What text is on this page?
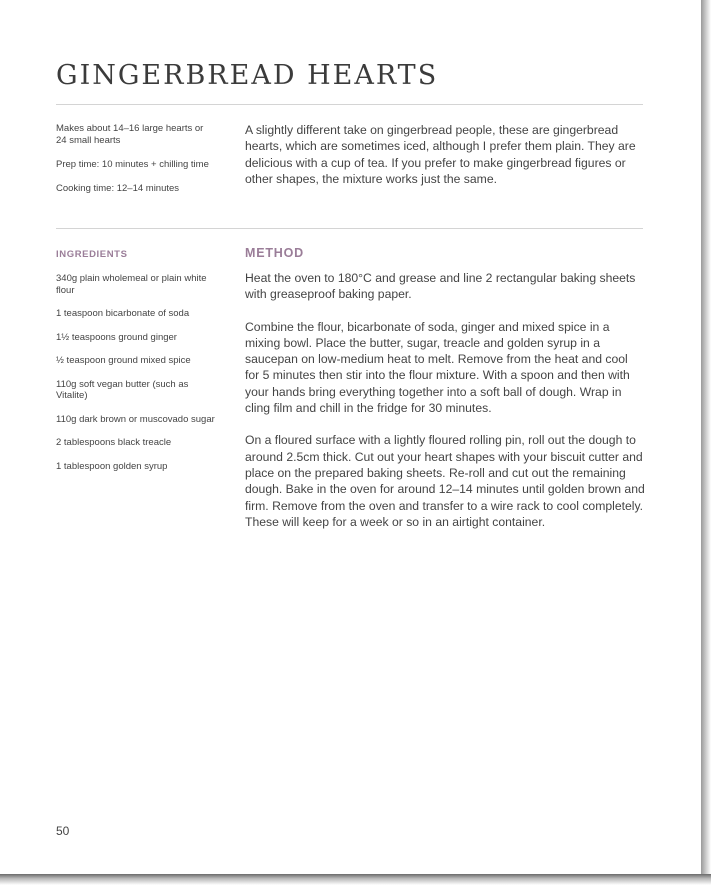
GINGERBREAD HEARTS

Makes about 14–16 large hearts or 24 small hearts

Prep time: 10 minutes + chilling time

Cooking time: 12–14 minutes

A slightly different take on gingerbread people, these are gingerbread hearts, which are sometimes iced, although I prefer them plain. They are delicious with a cup of tea. If you prefer to make gingerbread figures or other shapes, the mixture works just the same.

INGREDIENTS
340g plain wholemeal or plain white flour
1 teaspoon bicarbonate of soda
1½ teaspoons ground ginger
½ teaspoon ground mixed spice
110g soft vegan butter (such as Vitalite)
110g dark brown or muscovado sugar
2 tablespoons black treacle
1 tablespoon golden syrup
METHOD

Heat the oven to 180°C and grease and line 2 rectangular baking sheets with greaseproof baking paper.

Combine the flour, bicarbonate of soda, ginger and mixed spice in a mixing bowl. Place the butter, sugar, treacle and golden syrup in a saucepan on low-medium heat to melt. Remove from the heat and cool for 5 minutes then stir into the flour mixture. With a spoon and then with your hands bring everything together into a soft ball of dough. Wrap in cling film and chill in the fridge for 30 minutes.

On a floured surface with a lightly floured rolling pin, roll out the dough to around 2.5cm thick. Cut out your heart shapes with your biscuit cutter and place on the prepared baking sheets. Re-roll and cut out the remaining dough. Bake in the oven for around 12–14 minutes until golden brown and firm. Remove from the oven and transfer to a wire rack to cool completely. These will keep for a week or so in an airtight container.

50
